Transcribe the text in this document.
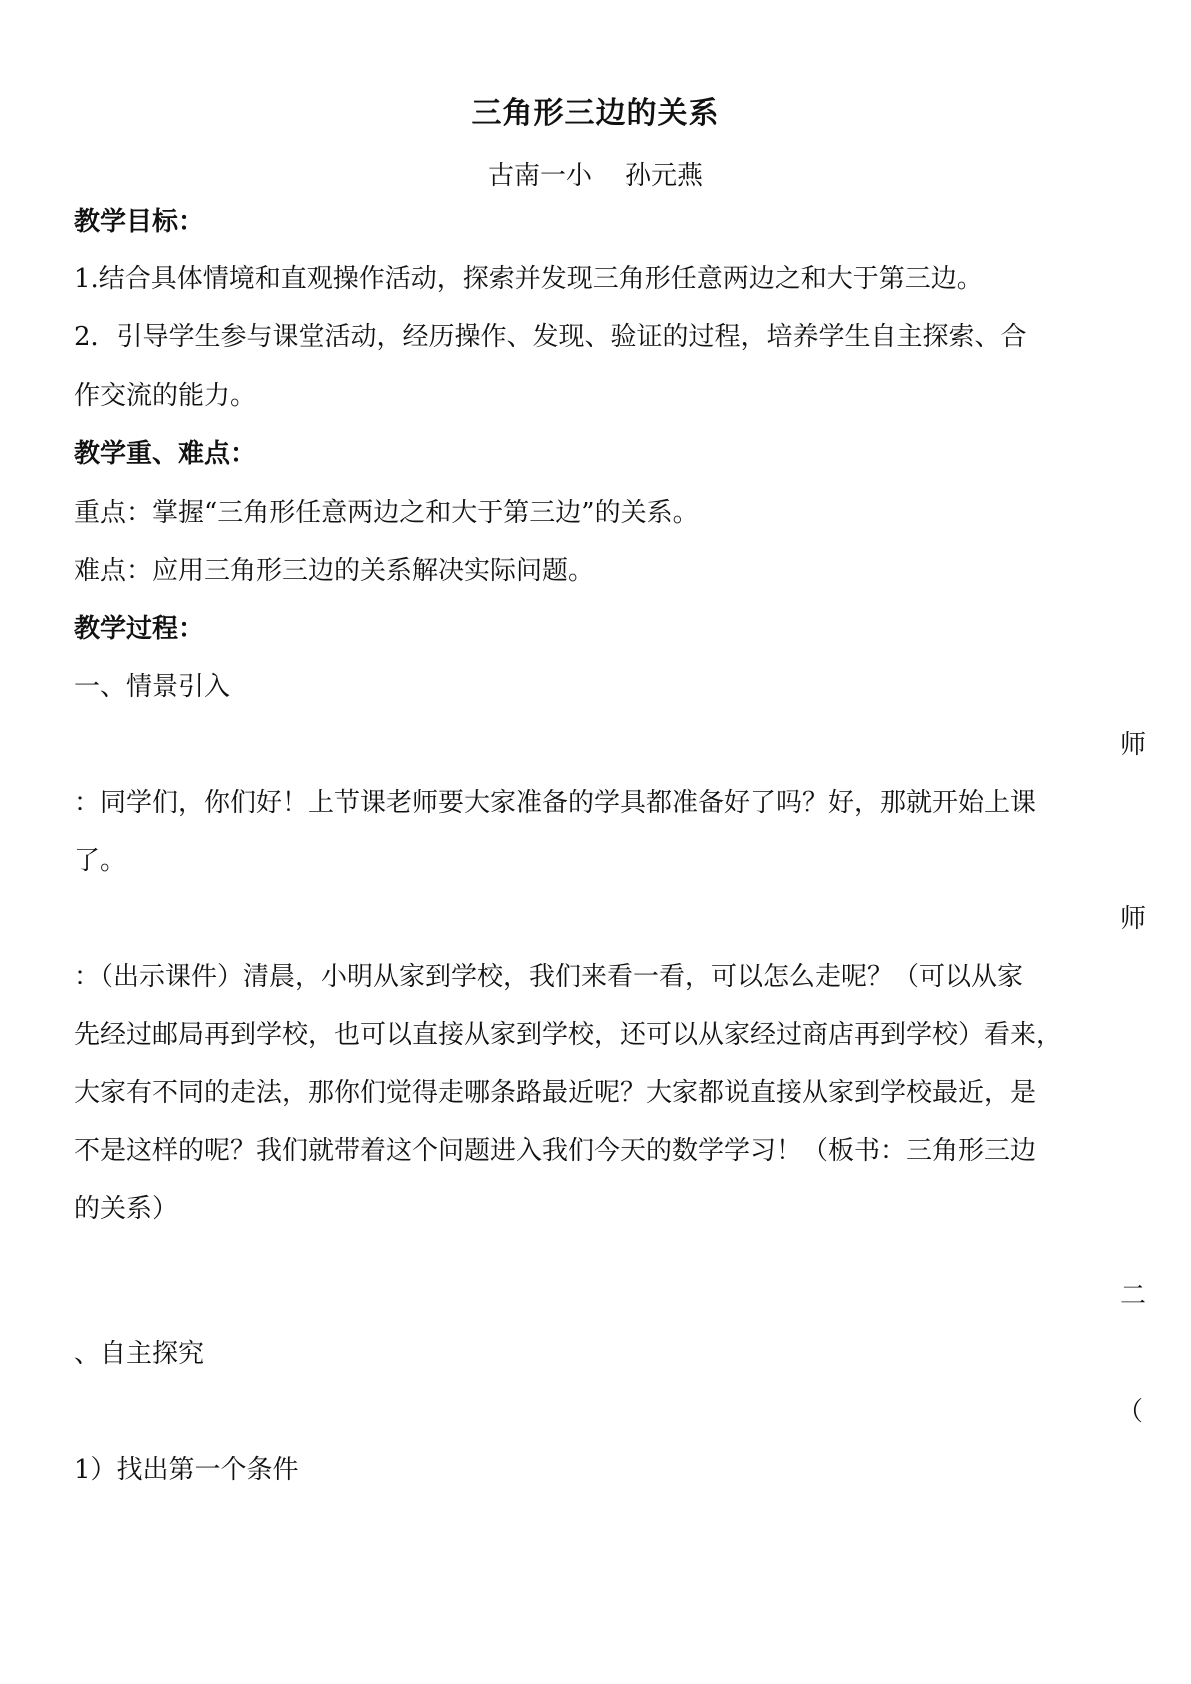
三角形三边的关系

古南一小    孙元燕

教学目标：

1.结合具体情境和直观操作活动，探索并发现三角形任意两边之和大于第三边。

2．引导学生参与课堂活动，经历操作、发现、验证的过程，培养学生自主探索、合

作交流的能力。

教学重、难点：

重点：掌握“三角形任意两边之和大于第三边”的关系。

难点：应用三角形三边的关系解决实际问题。

教学过程：

一、情景引入

师

：同学们，你们好！上节课老师要大家准备的学具都准备好了吗？好，那就开始上课

了。

师

：（出示课件）清晨，小明从家到学校，我们来看一看，可以怎么走呢？（可以从家

先经过邮局再到学校，也可以直接从家到学校，还可以从家经过商店再到学校）看来，

大家有不同的走法，那你们觉得走哪条路最近呢？大家都说直接从家到学校最近，是

不是这样的呢？我们就带着这个问题进入我们今天的数学学习！（板书：三角形三边

的关系）

二

、自主探究

（

1）找出第一个条件
